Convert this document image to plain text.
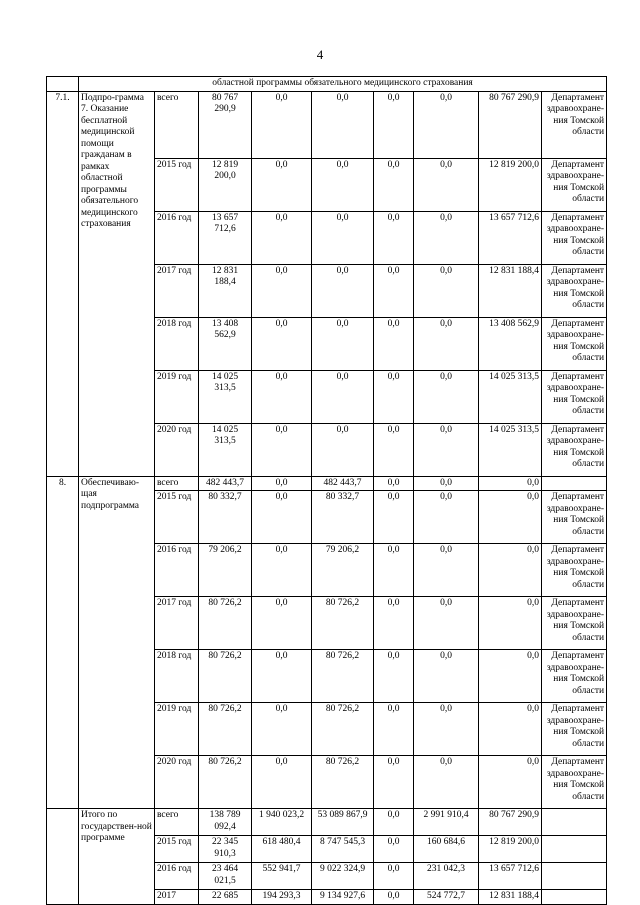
4
	областной программы обязательного медицинского страхования								
7.1.	Подпро-грамма 7. Оказание бесплатной медицинской помощи гражданам в рамках областной программы обязательного медицинского страхования	всего	80 767 290,9	0,0	0,0	0,0	0,0	80 767 290,9	Департамент здравоохране-ния Томской области
		2015 год	12 819 200,0	0,0	0,0	0,0	0,0	12 819 200,0	Департамент здравоохране-ния Томской области
		2016 год	13 657 712,6	0,0	0,0	0,0	0,0	13 657 712,6	Департамент здравоохране-ния Томской области
		2017 год	12 831 188,4	0,0	0,0	0,0	0,0	12 831 188,4	Департамент здравоохране-ния Томской области
		2018 год	13 408 562,9	0,0	0,0	0,0	0,0	13 408 562,9	Департамент здравоохране-ния Томской области
		2019 год	14 025 313,5	0,0	0,0	0,0	0,0	14 025 313,5	Департамент здравоохране-ния Томской области
		2020 год	14 025 313,5	0,0	0,0	0,0	0,0	14 025 313,5	Департамент здравоохране-ния Томской области
8.	Обеспечиваю-щая подпрограмма	всего	482 443,7	0,0	482 443,7	0,0	0,0	0,0	
		2015 год	80 332,7	0,0	80 332,7	0,0	0,0	0,0	Департамент здравоохране-ния Томской области
		2016 год	79 206,2	0,0	79 206,2	0,0	0,0	0,0	Департамент здравоохране-ния Томской области
		2017 год	80 726,2	0,0	80 726,2	0,0	0,0	0,0	Департамент здравоохране-ния Томской области
		2018 год	80 726,2	0,0	80 726,2	0,0	0,0	0,0	Департамент здравоохране-ния Томской области
		2019 год	80 726,2	0,0	80 726,2	0,0	0,0	0,0	Департамент здравоохране-ния Томской области
		2020 год	80 726,2	0,0	80 726,2	0,0	0,0	0,0	Департамент здравоохране-ния Томской области
	Итого по государствен-ной программе	всего	138 789 092,4	1 940 023,2	53 089 867,9	0,0	2 991 910,4	80 767 290,9	
		2015 год	22 345 910,3	618 480,4	8 747 545,3	0,0	160 684,6	12 819 200,0	
		2016 год	23 464 021,5	552 941,7	9 022 324,9	0,0	231 042,3	13 657 712,6	
		2017	22 685	194 293,3	9 134 927,6	0,0	524 772,7	12 831 188,4	
